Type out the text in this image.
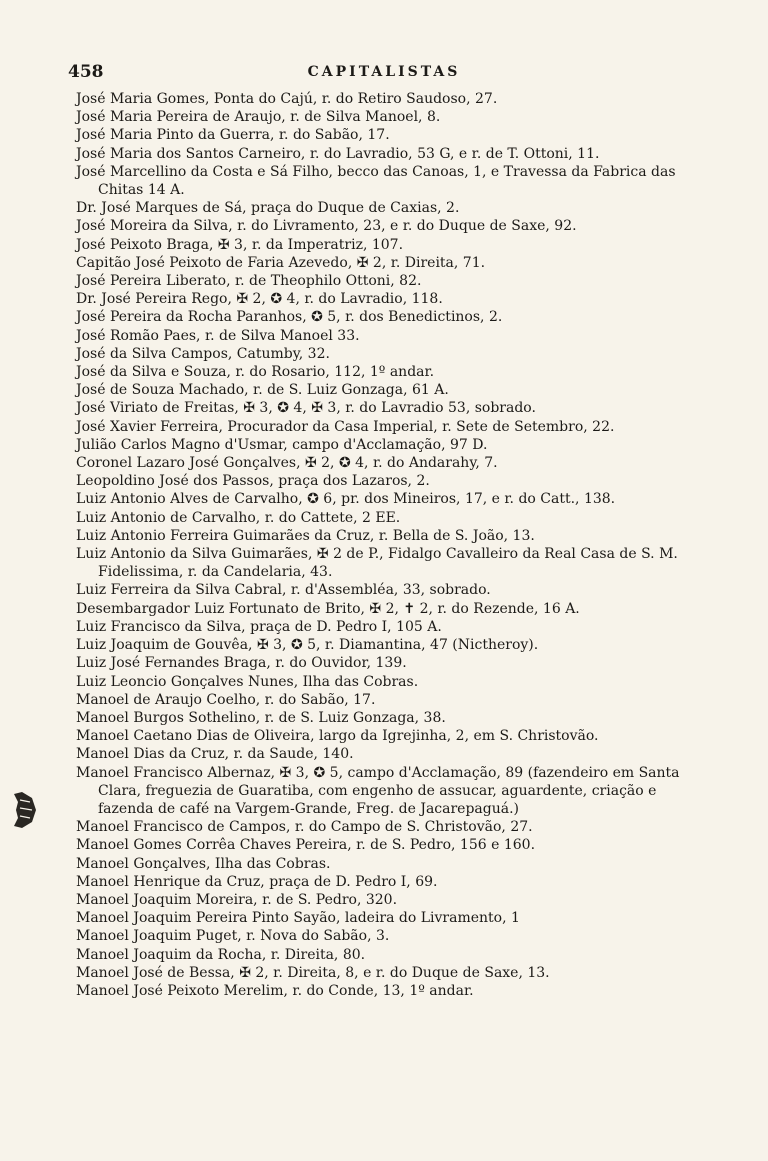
458	CAPITALISTAS
José Maria Gomes, Ponta do Cajú, r. do Retiro Saudoso, 27.
José Maria Pereira de Araujo, r. de Silva Manoel, 8.
José Maria Pinto da Guerra, r. do Sabão, 17.
José Maria dos Santos Carneiro, r. do Lavradio, 53 G, e r. de T. Ottoni, 11.
José Marcellino da Costa e Sá Filho, becco das Canoas, 1, e Travessa da Fabrica das Chitas 14 A.
Dr. José Marques de Sá, praça do Duque de Caxias, 2.
José Moreira da Silva, r. do Livramento, 23, e r. do Duque de Saxe, 92.
José Peixoto Braga, ✠ 3, r. da Imperatriz, 107.
Capitão José Peixoto de Faria Azevedo, ✠ 2, r. Direita, 71.
José Pereira Liberato, r. de Theophilo Ottoni, 82.
Dr. José Pereira Rego, ✠ 2, ✪ 4, r. do Lavradio, 118.
José Pereira da Rocha Paranhos, ✪ 5, r. dos Benedictinos, 2.
José Romão Paes, r. de Silva Manoel 33.
José da Silva Campos, Catumby, 32.
José da Silva e Souza, r. do Rosario, 112, 1º andar.
José de Souza Machado, r. de S. Luiz Gonzaga, 61 A.
José Viriato de Freitas, ✠ 3, ✪ 4, ✠ 3, r. do Lavradio 53, sobrado.
José Xavier Ferreira, Procurador da Casa Imperial, r. Sete de Setembro, 22.
Julião Carlos Magno d'Usmar, campo d'Acclamação, 97 D.
Coronel Lazaro José Gonçalves, ✠ 2, ✪ 4, r. do Andarahy, 7.
Leopoldino José dos Passos, praça dos Lazaros, 2.
Luiz Antonio Alves de Carvalho, ✪ 6, pr. dos Mineiros, 17, e r. do Catt., 138.
Luiz Antonio de Carvalho, r. do Cattete, 2 EE.
Luiz Antonio Ferreira Guimarães da Cruz, r. Bella de S. João, 13.
Luiz Antonio da Silva Guimarães, ✠ 2 de P., Fidalgo Cavalleiro da Real Casa de S. M. Fidelissima, r. da Candelaria, 43.
Luiz Ferreira da Silva Cabral, r. d'Assembléa, 33, sobrado.
Desembargador Luiz Fortunato de Brito, ✠ 2, ✝ 2, r. do Rezende, 16 A.
Luiz Francisco da Silva, praça de D. Pedro I, 105 A.
Luiz Joaquim de Gouvêa, ✠ 3, ✪ 5, r. Diamantina, 47 (Nictheroy).
Luiz José Fernandes Braga, r. do Ouvidor, 139.
Luiz Leoncio Gonçalves Nunes, Ilha das Cobras.
Manoel de Araujo Coelho, r. do Sabão, 17.
Manoel Burgos Sothelino, r. de S. Luiz Gonzaga, 38.
Manoel Caetano Dias de Oliveira, largo da Igrejinha, 2, em S. Christovão.
Manoel Dias da Cruz, r. da Saude, 140.
Manoel Francisco Albernaz, ✠ 3, ✪ 5, campo d'Acclamação, 89 (fazendeiro em Santa Clara, freguezia de Guaratiba, com engenho de assucar, aguardente, criação e fazenda de café na Vargem-Grande, Freg. de Jacarepaguá.)
Manoel Francisco de Campos, r. do Campo de S. Christovão, 27.
Manoel Gomes Corrêa Chaves Pereira, r. de S. Pedro, 156 e 160.
Manoel Gonçalves, Ilha das Cobras.
Manoel Henrique da Cruz, praça de D. Pedro I, 69.
Manoel Joaquim Moreira, r. de S. Pedro, 320.
Manoel Joaquim Pereira Pinto Sayão, ladeira do Livramento, 1
Manoel Joaquim Puget, r. Nova do Sabão, 3.
Manoel Joaquim da Rocha, r. Direita, 80.
Manoel José de Bessa, ✠ 2, r. Direita, 8, e r. do Duque de Saxe, 13.
Manoel José Peixoto Merelim, r. do Conde, 13, 1º andar.
